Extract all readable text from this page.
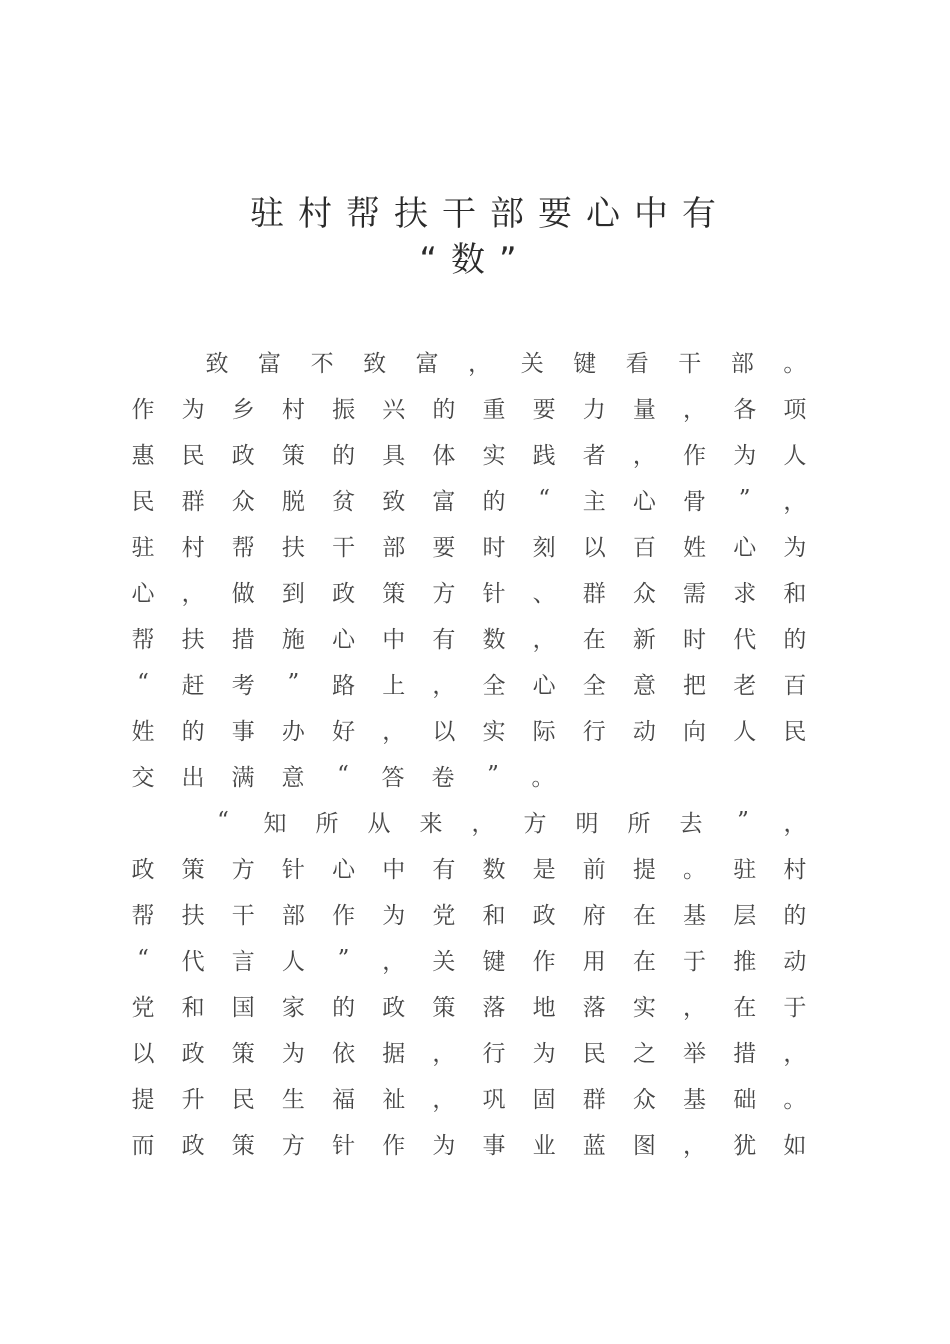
驻村帮扶干部要心中有
“数”
致 富 不 致 富 ， 关 键 看 干 部 。
作 为 乡 村 振 兴 的 重 要 力 量 ， 各 项
惠 民 政 策 的 具 体 实 践 者 ， 作 为 人
民 群 众 脱 贫 致 富 的	“	主 心 骨	”	，
驻 村 帮 扶 干 部 要 时 刻 以 百 姓 心 为
心 ， 做 到 政 策 方 针 、 群 众 需 求 和
帮 扶 措 施 心 中 有 数 ， 在 新 时 代 的
“	赶 考	”	路 上 ， 全 心 全 意 把 老 百
姓 的 事 办 好 ， 以 实 际 行 动 向 人 民
交 出 满 意	“	答 卷	”	。
“	知 所 从 来 ， 方 明 所 去	”	，
政 策 方 针 心 中 有 数 是 前 提 。 驻 村
帮 扶 干 部 作 为 党 和 政 府 在 基 层 的
“	代 言 人	”	， 关 键 作 用 在 于 推 动
党 和 国 家 的 政 策 落 地 落 实 ， 在 于
以 政 策 为 依 据 ， 行 为 民 之 举 措 ，
提 升 民 生 福 祉 ， 巩 固 群 众 基 础 。
而 政 策 方 针 作 为 事 业 蓝 图 ， 犹 如
